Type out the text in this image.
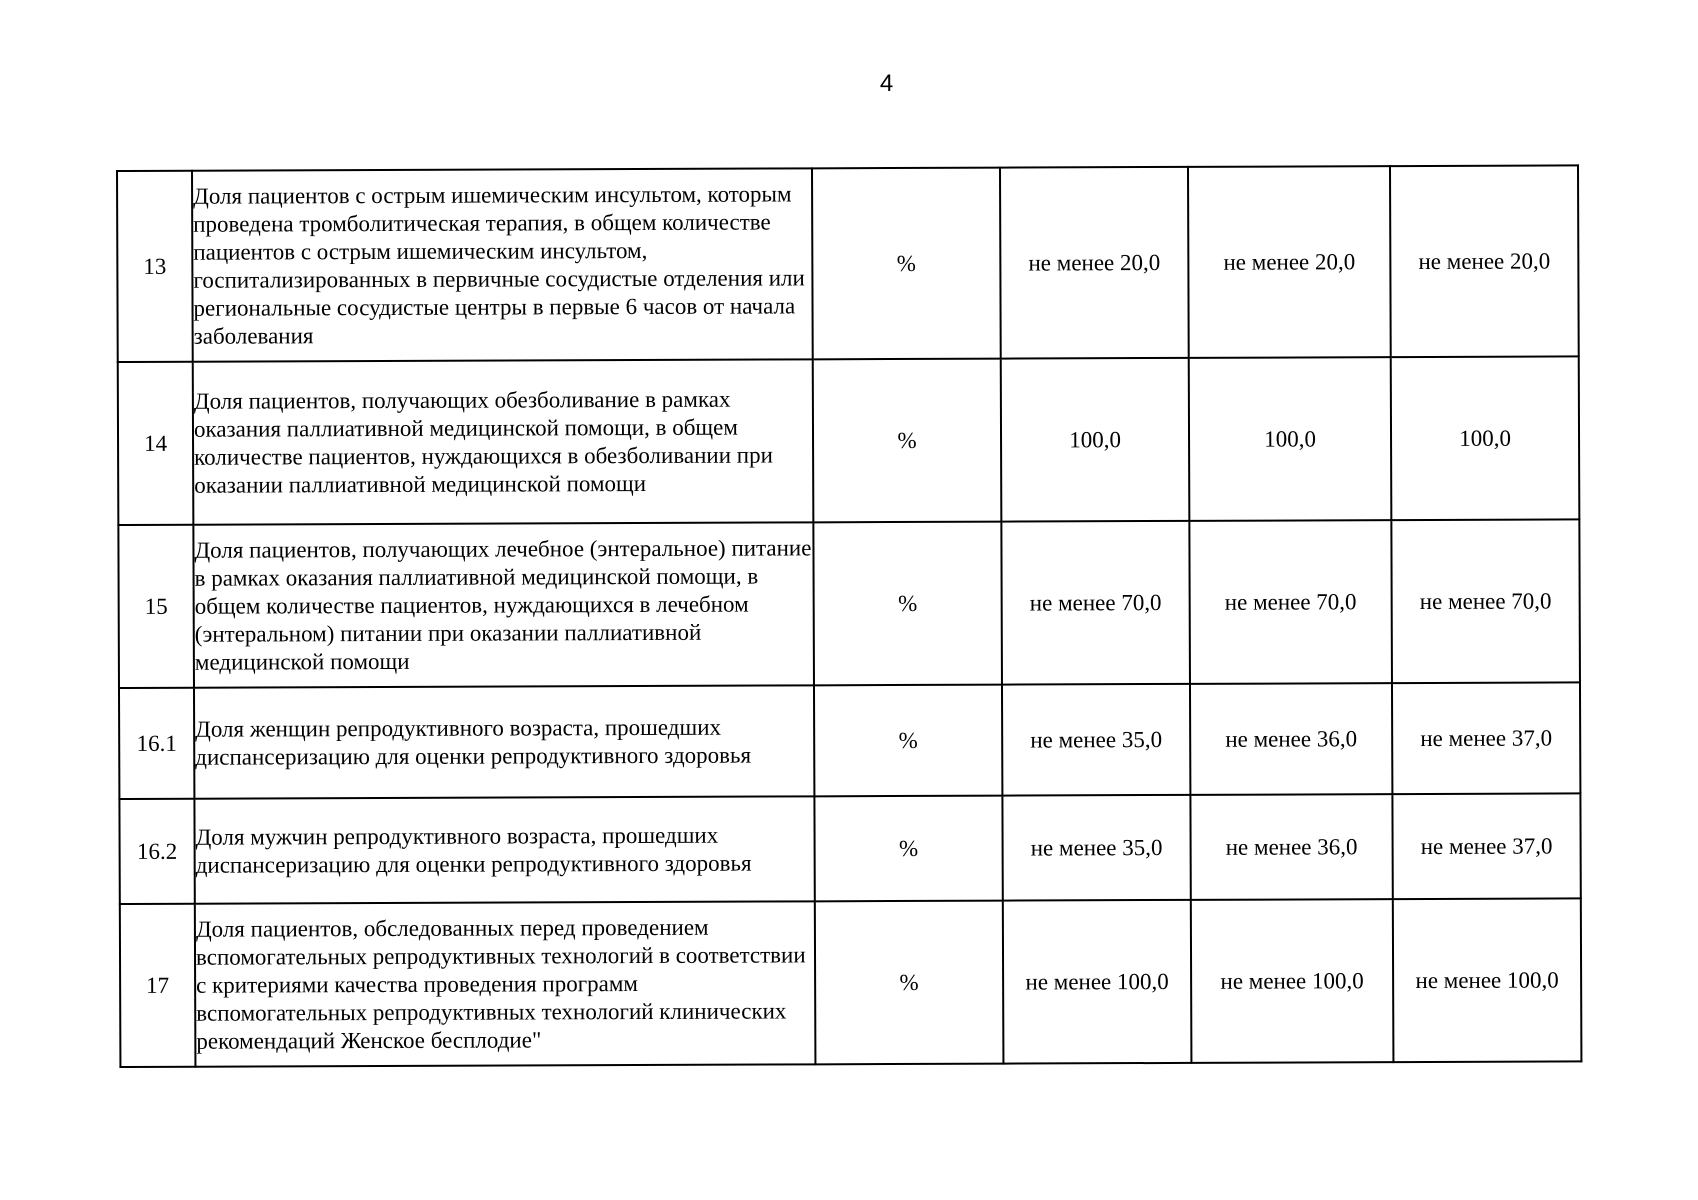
4
13	Доля пациентов с острым ишемическим инсультом, которым проведена тромболитическая терапия, в общем количестве пациентов с острым ишемическим инсультом, госпитализированных в первичные сосудистые отделения или региональные сосудистые центры в первые 6 часов от начала заболевания	%	не менее 20,0	не менее 20,0	не менее 20,0
14	Доля пациентов, получающих обезболивание в рамках оказания паллиативной медицинской помощи, в общем количестве пациентов, нуждающихся в обезболивании при оказании паллиативной медицинской помощи	%	100,0	100,0	100,0
15	Доля пациентов, получающих лечебное (энтеральное) питание в рамках оказания паллиативной медицинской помощи, в общем количестве пациентов, нуждающихся в лечебном (энтеральном) питании при оказании паллиативной медицинской помощи	%	не менее 70,0	не менее 70,0	не менее 70,0
16.1	Доля женщин репродуктивного возраста, прошедших диспансеризацию для оценки репродуктивного здоровья	%	не менее 35,0	не менее 36,0	не менее 37,0
16.2	Доля мужчин репродуктивного возраста, прошедших диспансеризацию для оценки репродуктивного здоровья	%	не менее 35,0	не менее 36,0	не менее 37,0
17	Доля пациентов, обследованных перед проведением вспомогательных репродуктивных технологий в соответствии с критериями качества проведения программ вспомогательных репродуктивных технологий клинических рекомендаций Женское бесплодие"	%	не менее 100,0	не менее 100,0	не менее 100,0
